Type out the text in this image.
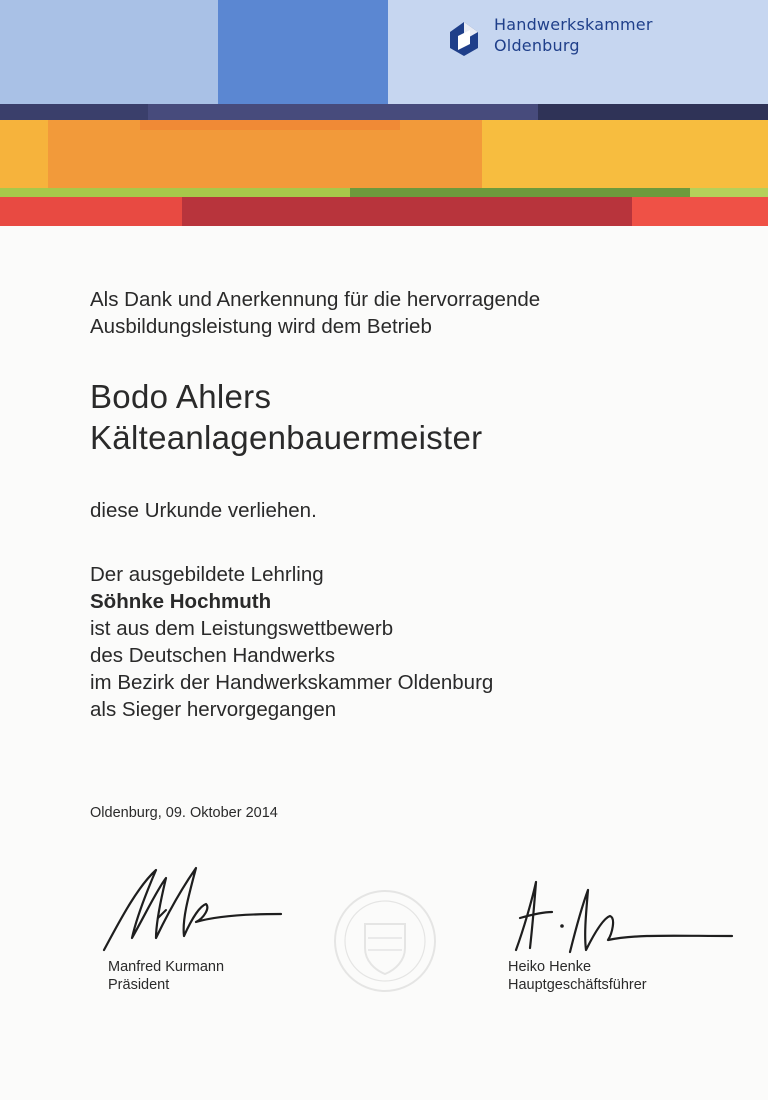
Handwerkskammer
Oldenburg

Als Dank und Anerkennung für die hervorragende
Ausbildungsleistung wird dem Betrieb

Bodo Ahlers
Kälteanlagenbauermeister

diese Urkunde verliehen.

Der ausgebildete Lehrling
Söhnke Hochmuth
ist aus dem Leistungswettbewerb
des Deutschen Handwerks
im Bezirk der Handwerkskammer Oldenburg
als Sieger hervorgegangen

Oldenburg, 09. Oktober 2014

Manfred Kurmann
Präsident
Heiko Henke
Hauptgeschäftsführer
